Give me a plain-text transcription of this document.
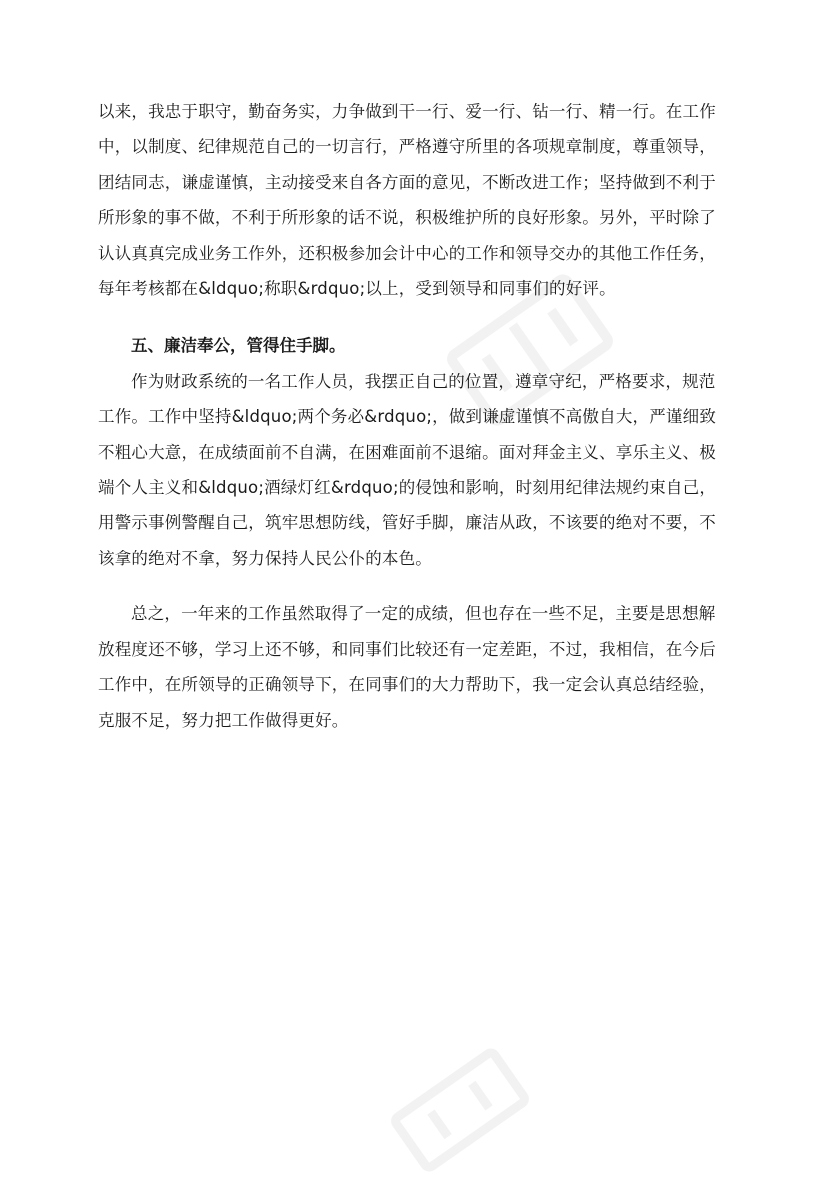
以来，我忠于职守，勤奋务实，力争做到干一行、爱一行、钻一行、精一行。在工作
中，以制度、纪律规范自己的一切言行，严格遵守所里的各项规章制度，尊重领导，
团结同志，谦虚谨慎，主动接受来自各方面的意见，不断改进工作；坚持做到不利于
所形象的事不做，不利于所形象的话不说，积极维护所的良好形象。另外，平时除了
认认真真完成业务工作外，还积极参加会计中心的工作和领导交办的其他工作任务，
每年考核都在&ldquo;称职&rdquo;以上，受到领导和同事们的好评。
五、廉洁奉公，管得住手脚。
作为财政系统的一名工作人员，我摆正自己的位置，遵章守纪，严格要求，规范
工作。工作中坚持&ldquo;两个务必&rdquo;，做到谦虚谨慎不高傲自大，严谨细致
不粗心大意，在成绩面前不自满，在困难面前不退缩。面对拜金主义、享乐主义、极
端个人主义和&ldquo;酒绿灯红&rdquo;的侵蚀和影响，时刻用纪律法规约束自己，
用警示事例警醒自己，筑牢思想防线，管好手脚，廉洁从政，不该要的绝对不要，不
该拿的绝对不拿，努力保持人民公仆的本色。
总之，一年来的工作虽然取得了一定的成绩，但也存在一些不足，主要是思想解
放程度还不够，学习上还不够，和同事们比较还有一定差距，不过，我相信，在今后
工作中，在所领导的正确领导下，在同事们的大力帮助下，我一定会认真总结经验，
克服不足，努力把工作做得更好。
